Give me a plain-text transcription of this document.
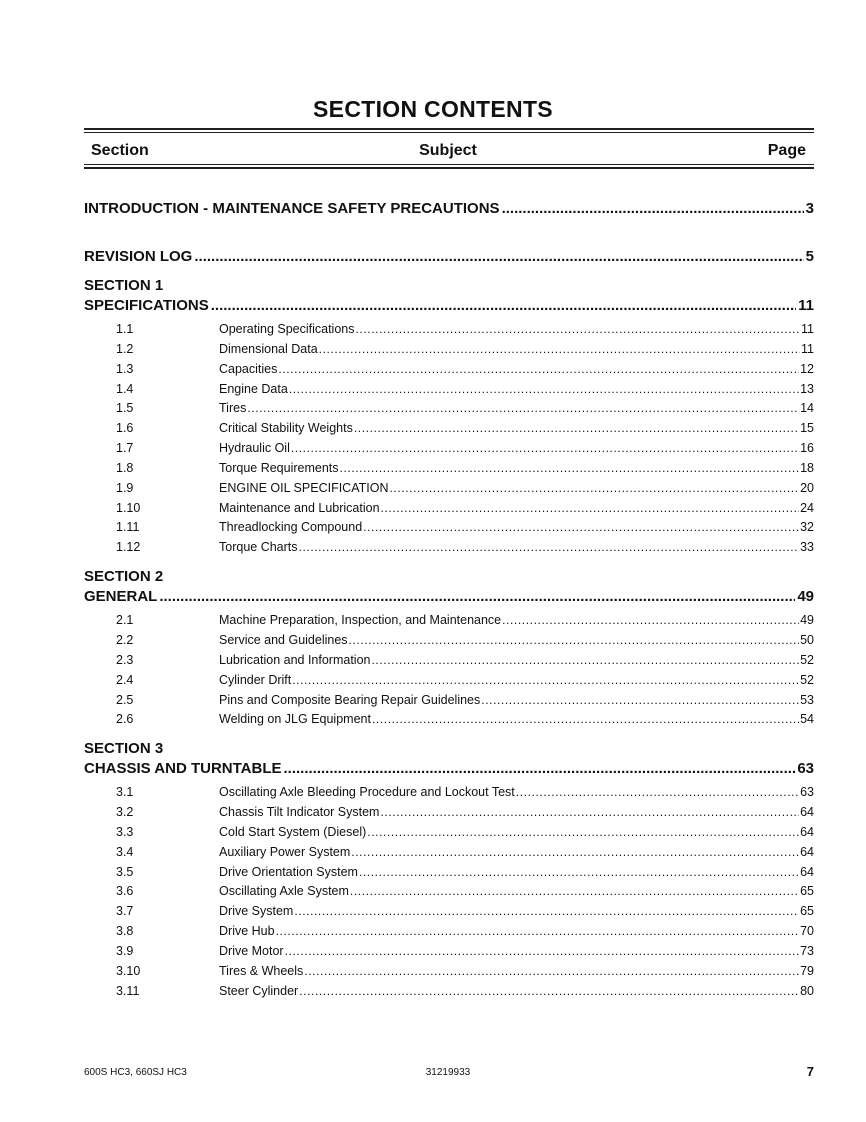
SECTION CONTENTS
Section	Subject	Page
INTRODUCTION - MAINTENANCE SAFETY PRECAUTIONS .....	3
REVISION LOG .....	5
SECTION 1
SPECIFICATIONS .....	11
1.1	Operating Specifications .....	11
1.2	Dimensional Data .....	11
1.3	Capacities .....	12
1.4	Engine Data .....	13
1.5	Tires .....	14
1.6	Critical Stability Weights .....	15
1.7	Hydraulic Oil .....	16
1.8	Torque Requirements .....	18
1.9	ENGINE OIL SPECIFICATION .....	20
1.10	Maintenance and Lubrication .....	24
1.11	Threadlocking Compound .....	32
1.12	Torque Charts .....	33
SECTION 2
GENERAL .....	49
2.1	Machine Preparation, Inspection, and Maintenance .....	49
2.2	Service and Guidelines .....	50
2.3	Lubrication and Information .....	52
2.4	Cylinder Drift .....	52
2.5	Pins and Composite Bearing Repair Guidelines .....	53
2.6	Welding on JLG Equipment .....	54
SECTION 3
CHASSIS AND TURNTABLE .....	63
3.1	Oscillating Axle Bleeding Procedure and Lockout Test .....	63
3.2	Chassis Tilt Indicator System .....	64
3.3	Cold Start System (Diesel) .....	64
3.4	Auxiliary Power System .....	64
3.5	Drive Orientation System .....	64
3.6	Oscillating Axle System .....	65
3.7	Drive System .....	65
3.8	Drive Hub .....	70
3.9	Drive Motor .....	73
3.10	Tires & Wheels .....	79
3.11	Steer Cylinder .....	80
600S HC3, 660SJ HC3	31219933	7
